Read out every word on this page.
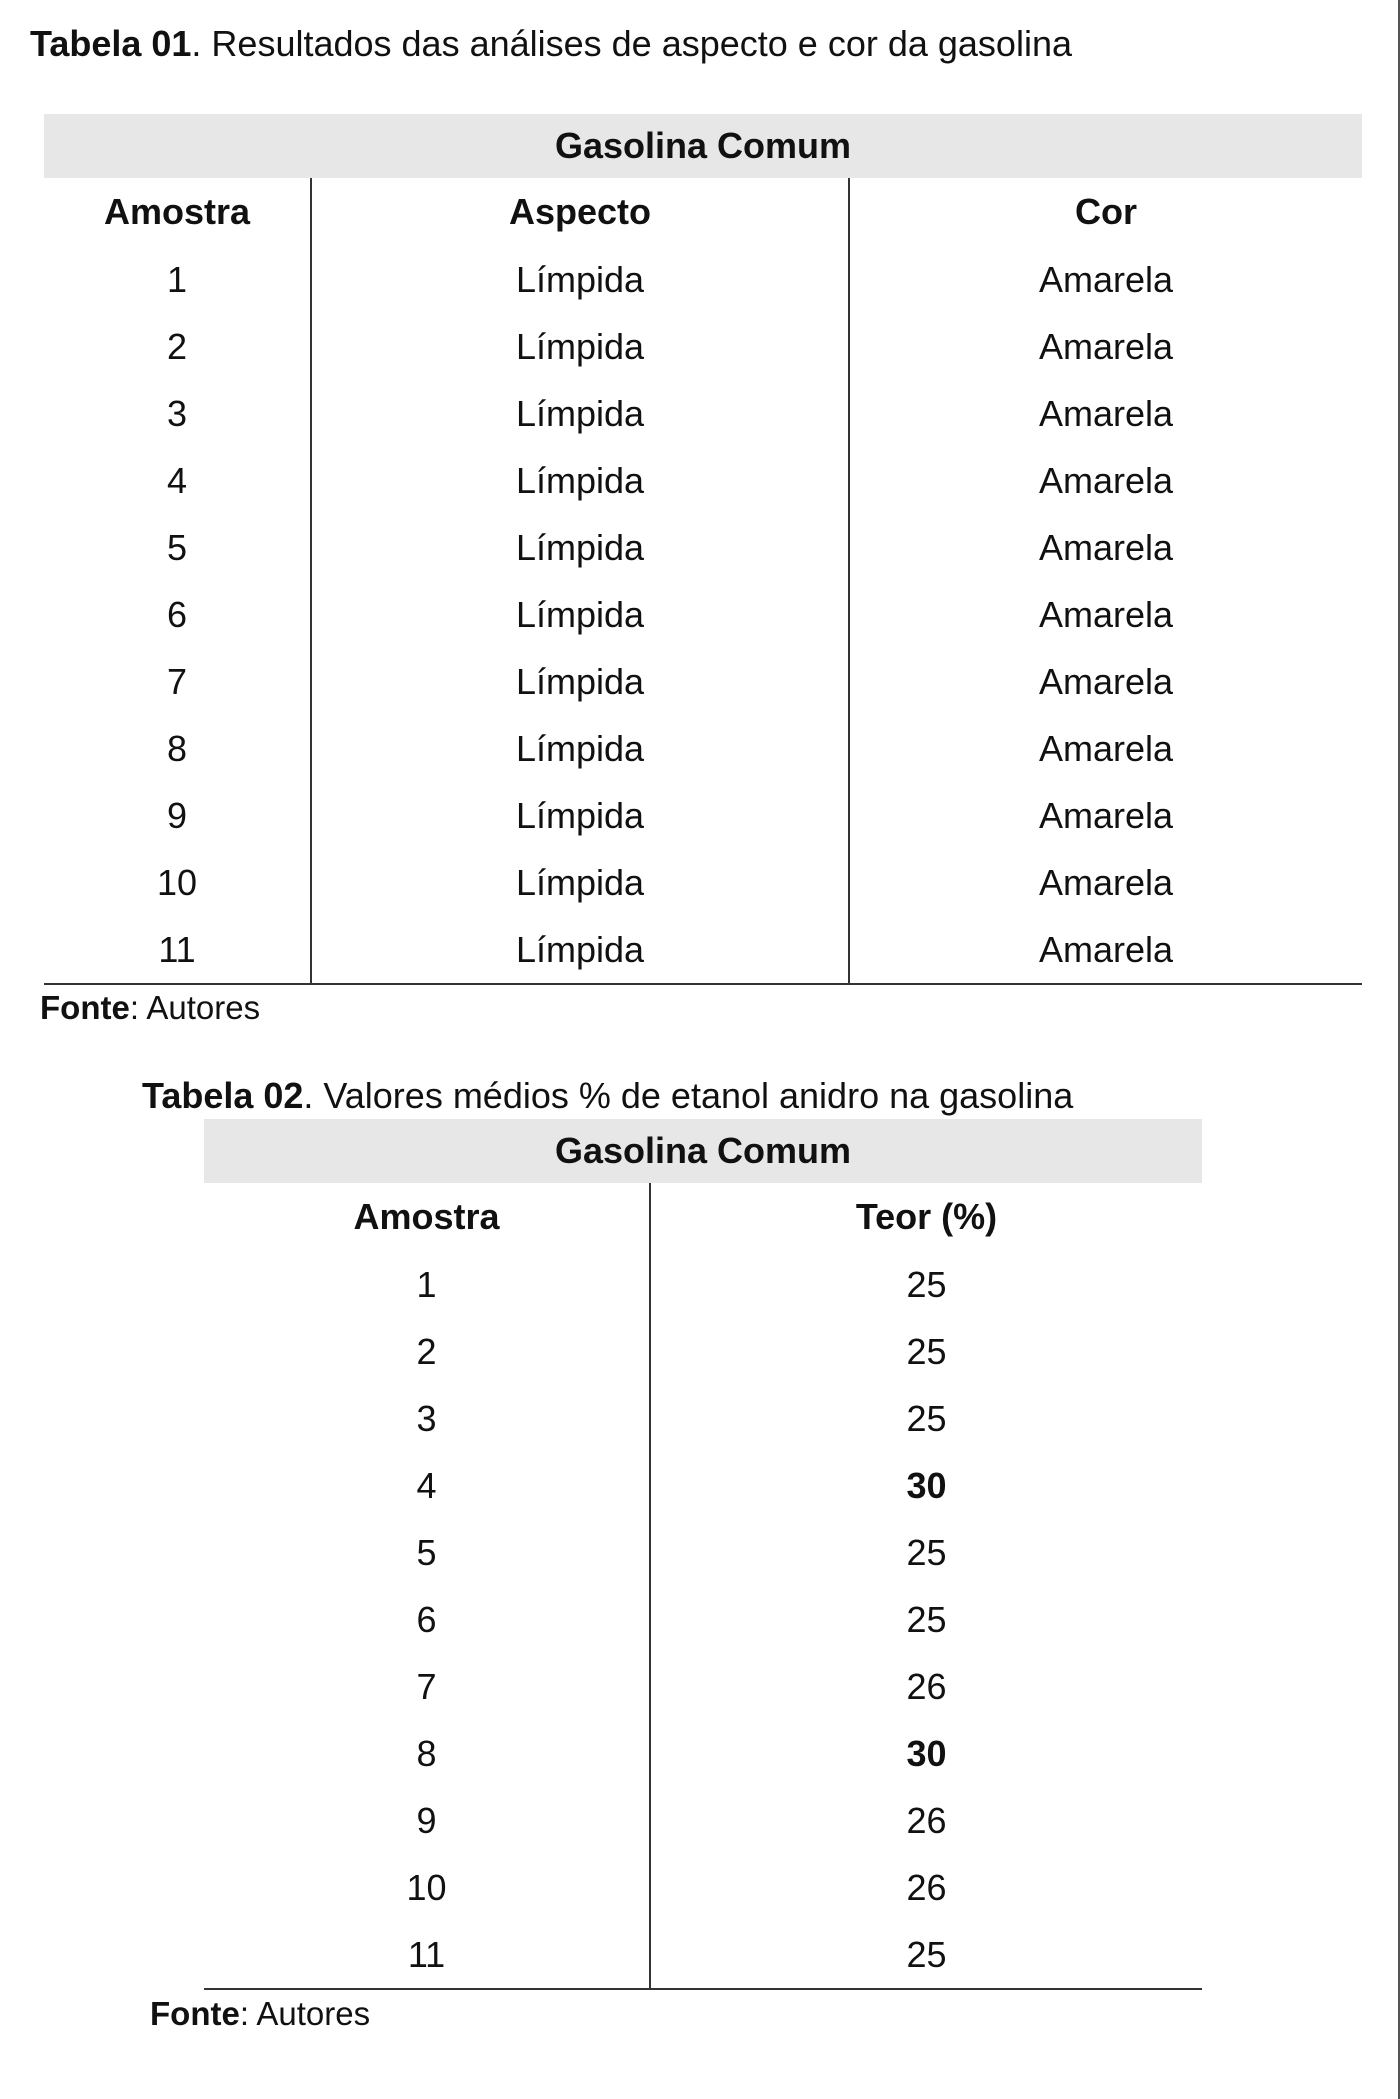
Tabela 01. Resultados das análises de aspecto e cor da gasolina
Gasolina Comum		
Amostra	Aspecto	Cor
1	Límpida	Amarela
2	Límpida	Amarela
3	Límpida	Amarela
4	Límpida	Amarela
5	Límpida	Amarela
6	Límpida	Amarela
7	Límpida	Amarela
8	Límpida	Amarela
9	Límpida	Amarela
10	Límpida	Amarela
11	Límpida	Amarela
Fonte: Autores
Tabela 02. Valores médios % de etanol anidro na gasolina
Gasolina Comum	
Amostra	Teor (%)
1	25
2	25
3	25
4	30
5	25
6	25
7	26
8	30
9	26
10	26
11	25
Fonte: Autores
